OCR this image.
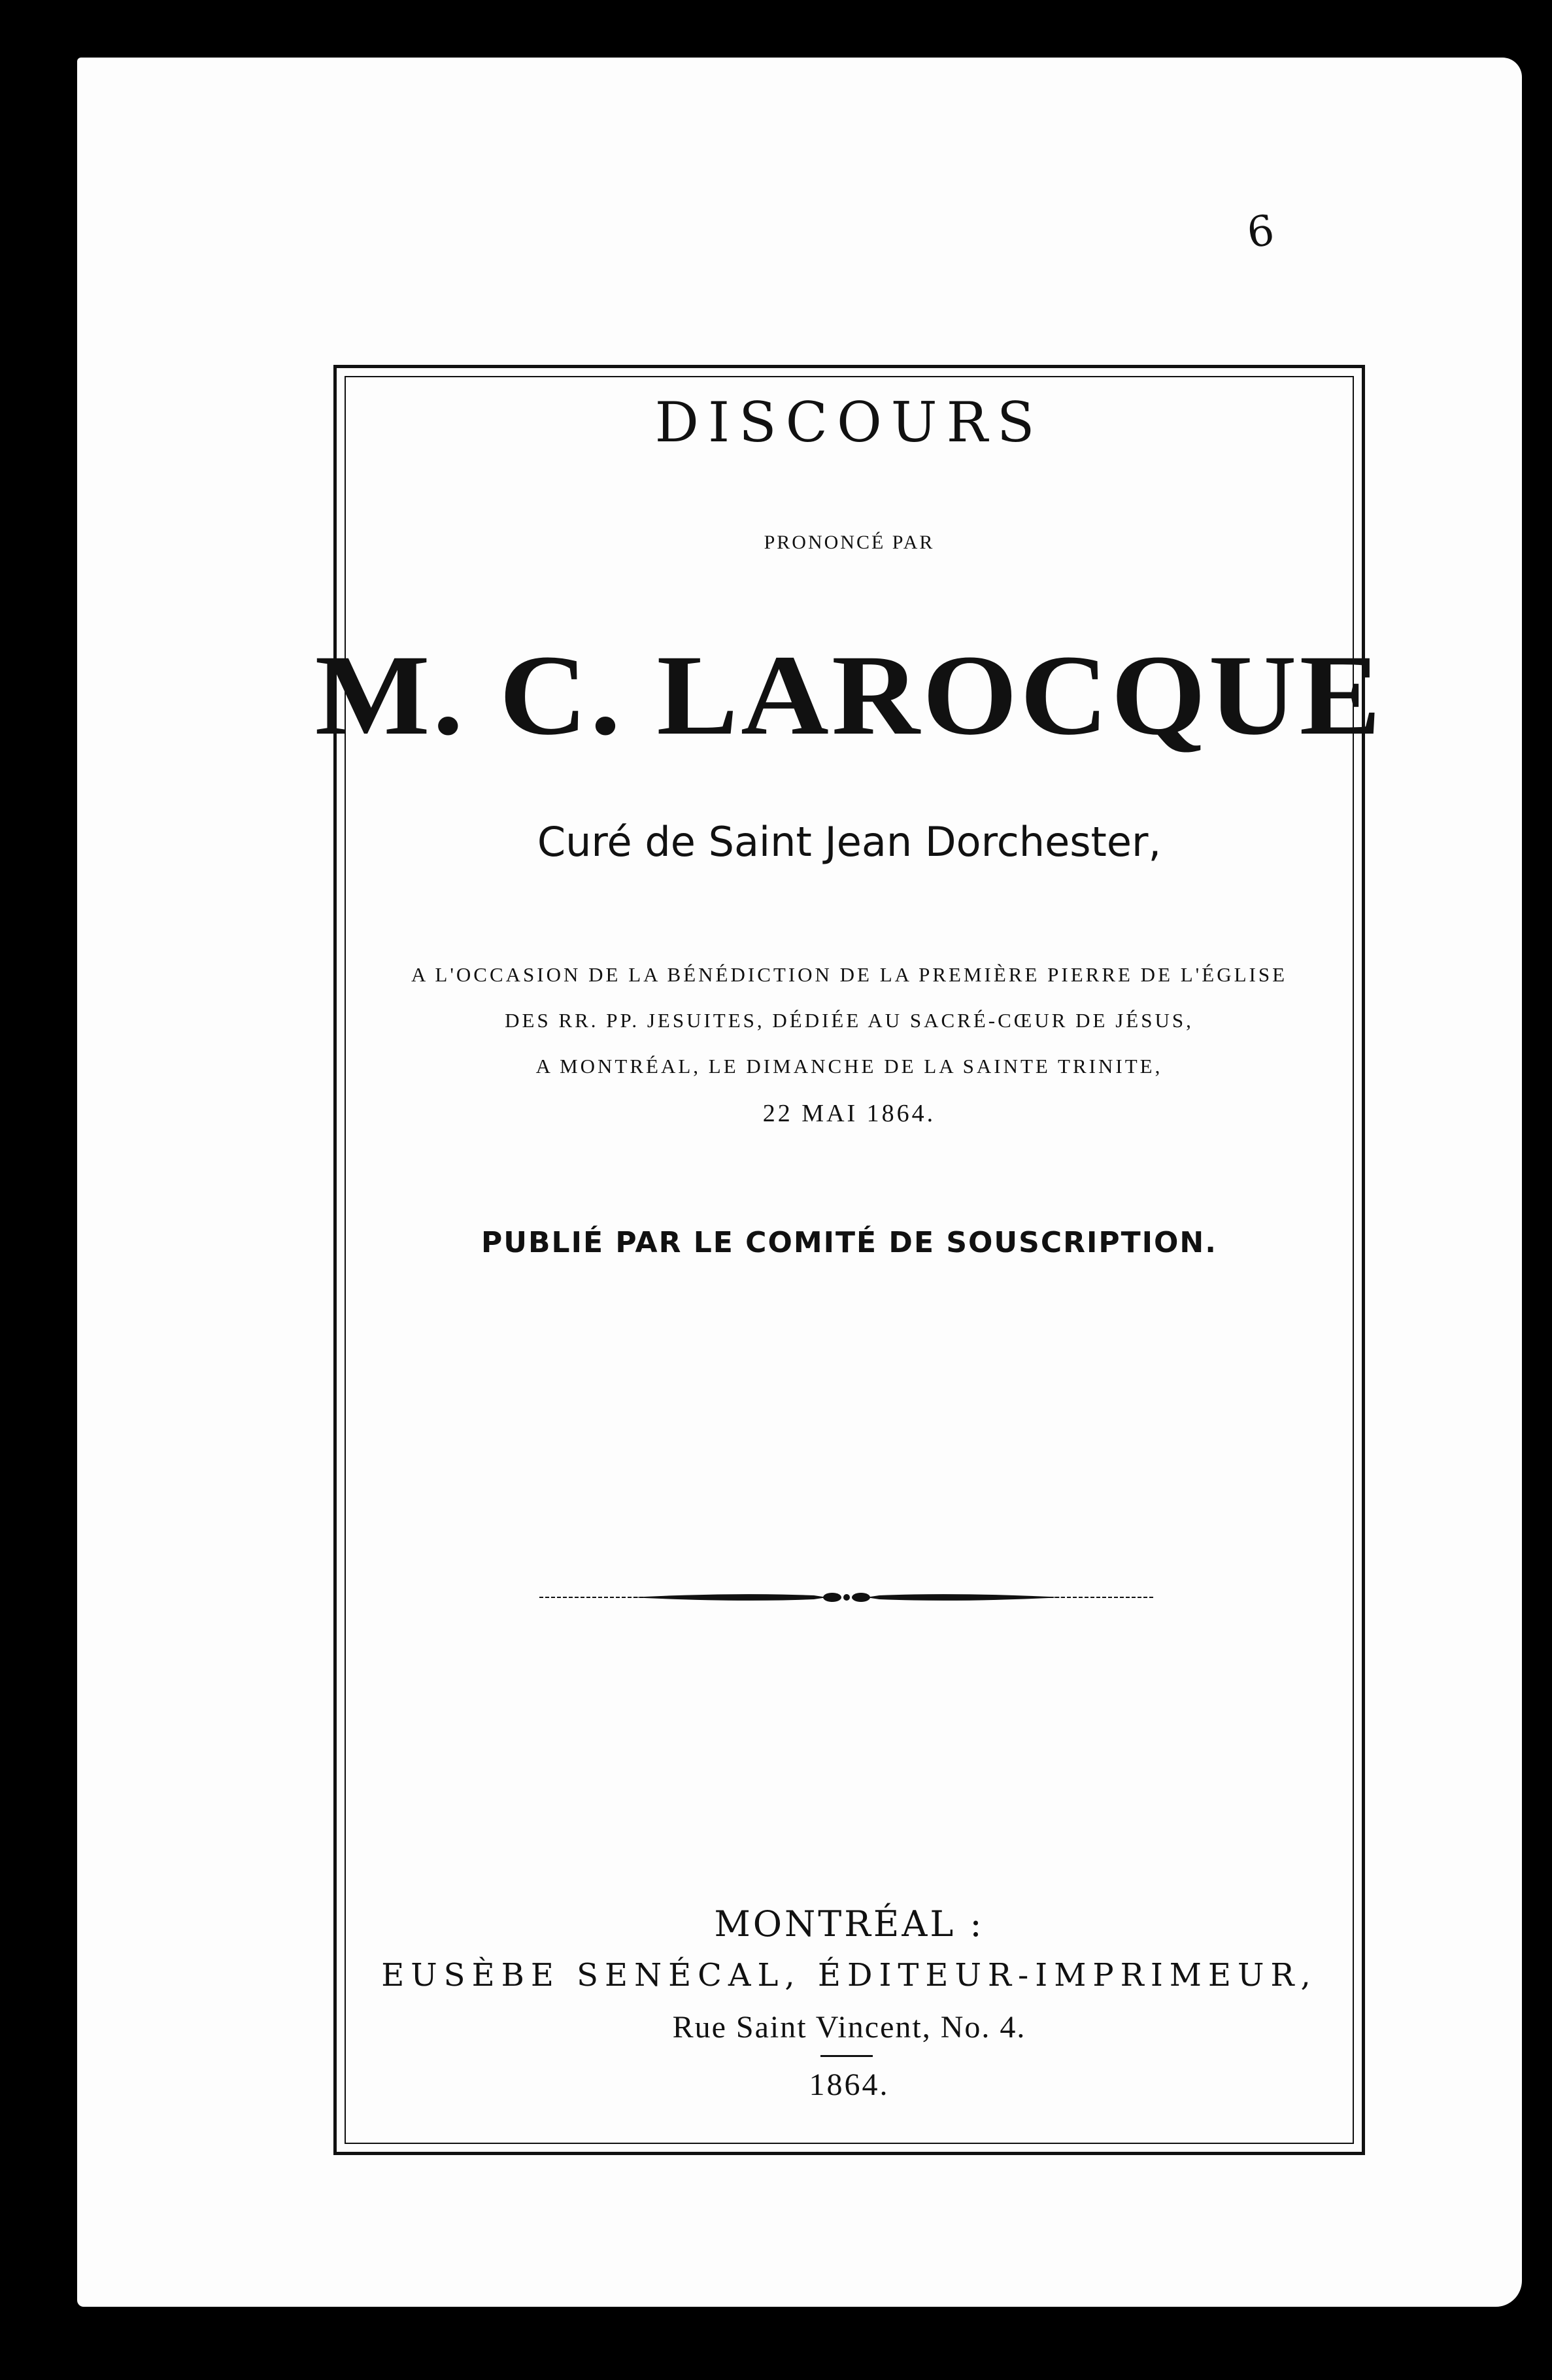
6

DISCOURS

PRONONCÉ PAR

M. C. LAROCQUE

Curé de Saint Jean Dorchester,

A L'OCCASION DE LA BÉNÉDICTION DE LA PREMIÈRE PIERRE DE L'ÉGLISE

DES RR. PP. JESUITES, DÉDIÉE AU SACRÉ-CŒUR DE JÉSUS,

A MONTRÉAL, LE DIMANCHE DE LA SAINTE TRINITE,

22 MAI 1864.

PUBLIÉ PAR LE COMITÉ DE SOUSCRIPTION.

MONTRÉAL :

EUSÈBE SENÉCAL, ÉDITEUR-IMPRIMEUR,

Rue Saint Vincent, No. 4.

1864.
